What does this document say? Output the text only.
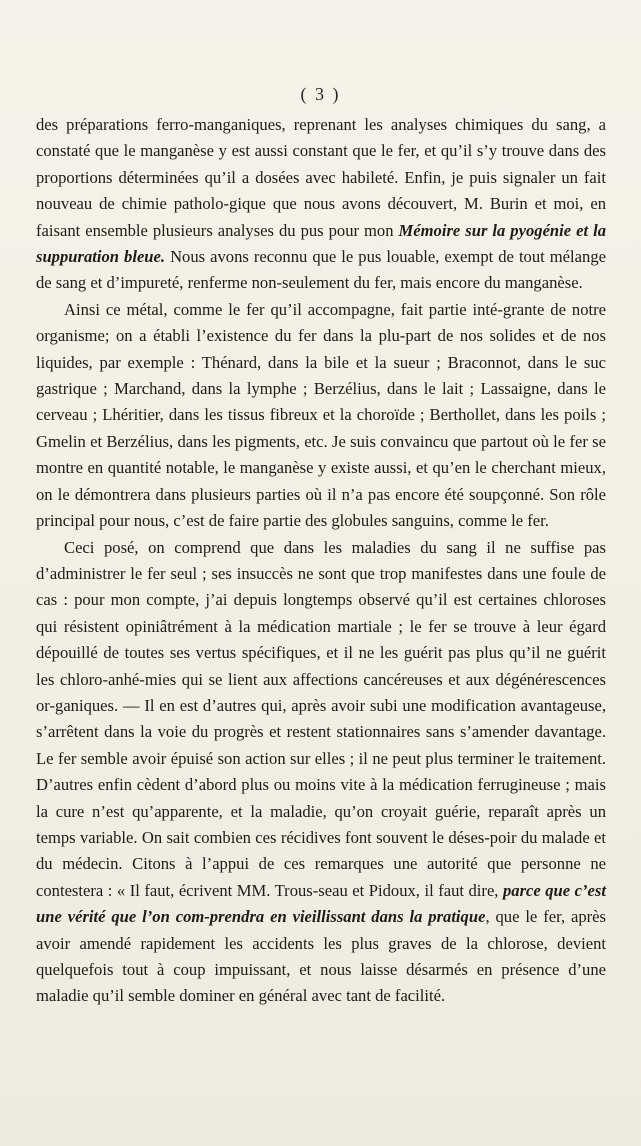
( 3 )

des préparations ferro-manganiques, reprenant les analyses chimiques du sang, a constaté que le manganèse y est aussi constant que le fer, et qu’il s’y trouve dans des proportions déterminées qu’il a dosées avec habileté. Enfin, je puis signaler un fait nouveau de chimie patholo-gique que nous avons découvert, M. Burin et moi, en faisant ensemble plusieurs analyses du pus pour mon Mémoire sur la pyogénie et la suppuration bleue. Nous avons reconnu que le pus louable, exempt de tout mélange de sang et d’impureté, renferme non-seulement du fer, mais encore du manganèse.

Ainsi ce métal, comme le fer qu’il accompagne, fait partie inté-grante de notre organisme; on a établi l’existence du fer dans la plu-part de nos solides et de nos liquides, par exemple : Thénard, dans la bile et la sueur ; Braconnot, dans le suc gastrique ; Marchand, dans la lymphe ; Berzélius, dans le lait ; Lassaigne, dans le cerveau ; Lhéritier, dans les tissus fibreux et la choroïde ; Berthollet, dans les poils ; Gmelin et Berzélius, dans les pigments, etc. Je suis convaincu que partout où le fer se montre en quantité notable, le manganèse y existe aussi, et qu’en le cherchant mieux, on le démontrera dans plusieurs parties où il n’a pas encore été soupçonné. Son rôle principal pour nous, c’est de faire partie des globules sanguins, comme le fer.

Ceci posé, on comprend que dans les maladies du sang il ne suffise pas d’administrer le fer seul ; ses insuccès ne sont que trop manifestes dans une foule de cas : pour mon compte, j’ai depuis longtemps observé qu’il est certaines chloroses qui résistent opiniâtrément à la médication martiale ; le fer se trouve à leur égard dépouillé de toutes ses vertus spécifiques, et il ne les guérit pas plus qu’il ne guérit les chloro-anhé-mies qui se lient aux affections cancéreuses et aux dégénérescences or-ganiques. — Il en est d’autres qui, après avoir subi une modification avantageuse, s’arrêtent dans la voie du progrès et restent stationnaires sans s’amender davantage. Le fer semble avoir épuisé son action sur elles ; il ne peut plus terminer le traitement. D’autres enfin cèdent d’abord plus ou moins vite à la médication ferrugineuse ; mais la cure n’est qu’apparente, et la maladie, qu’on croyait guérie, reparaît après un temps variable. On sait combien ces récidives font souvent le déses-poir du malade et du médecin. Citons à l’appui de ces remarques une autorité que personne ne contestera : « Il faut, écrivent MM. Trous-seau et Pidoux, il faut dire, parce que c’est une vérité que l’on com-prendra en vieillissant dans la pratique, que le fer, après avoir amendé rapidement les accidents les plus graves de la chlorose, devient quelquefois tout à coup impuissant, et nous laisse désarmés en présence d’une maladie qu’il semble dominer en général avec tant de facilité.
